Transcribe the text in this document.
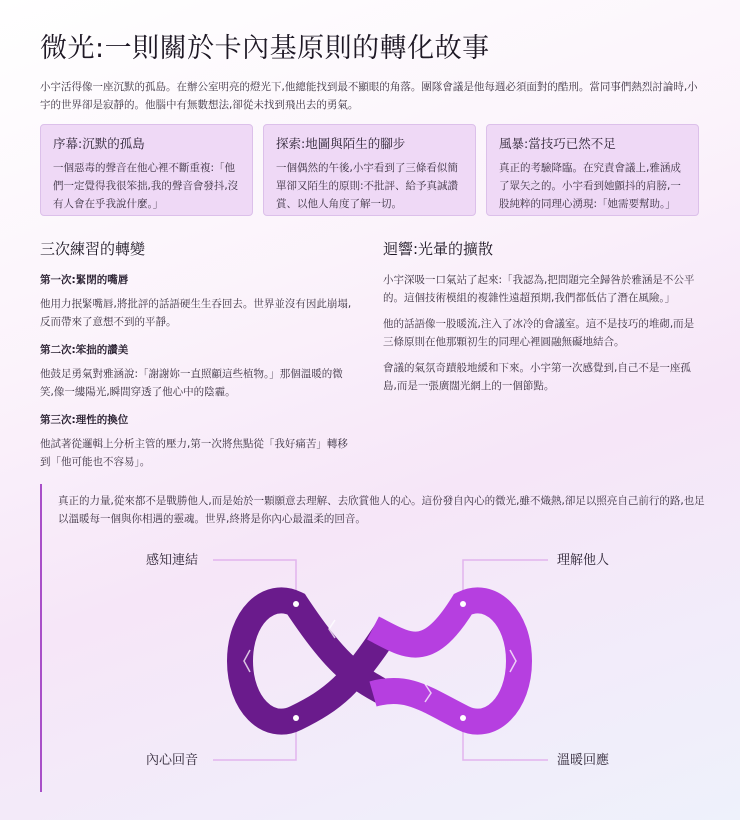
微光:一則關於卡內基原則的轉化故事

小宇活得像一座沉默的孤島。在辦公室明亮的燈光下,他總能找到最不顯眼的角落。團隊會議是他每週必須面對的酷刑。當同事們熱烈討論時,小宇的世界卻是寂靜的。他腦中有無數想法,卻從未找到飛出去的勇氣。

序幕:沉默的孤島

一個惡毒的聲音在他心裡不斷重複:「他們一定覺得我很笨拙,我的聲音會發抖,沒有人會在乎我說什麼。」

探索:地圖與陌生的腳步

一個偶然的午後,小宇看到了三條看似簡單卻又陌生的原則:不批評、給予真誠讚賞、以他人角度了解一切。

風暴:當技巧已然不足

真正的考驗降臨。在究責會議上,雅涵成了眾矢之的。小宇看到她顫抖的肩膀,一股純粹的同理心湧現:「她需要幫助。」

三次練習的轉變
第一次:緊閉的嘴唇

他用力抿緊嘴唇,將批評的話語硬生生吞回去。世界並沒有因此崩塌,反而帶來了意想不到的平靜。

第二次:笨拙的讚美

他鼓足勇氣對雅涵說:「謝謝妳一直照顧這些植物。」那個溫暖的微笑,像一縷陽光,瞬間穿透了他心中的陰霾。

第三次:理性的換位

他試著從邏輯上分析主管的壓力,第一次將焦點從「我好痛苦」轉移到「他可能也不容易」。

迴響:光暈的擴散

小宇深吸一口氣站了起來:「我認為,把問題完全歸咎於雅涵是不公平的。這個技術模組的複雜性遠超預期,我們都低估了潛在風險。」

他的話語像一股暖流,注入了冰冷的會議室。這不是技巧的堆砌,而是三條原則在他那顆初生的同理心裡圓融無礙地結合。

會議的氣氛奇蹟般地緩和下來。小宇第一次感覺到,自己不是一座孤島,而是一張廣闊光網上的一個節點。

真正的力量,從來都不是戰勝他人,而是始於一顆願意去理解、去欣賞他人的心。這份發自內心的微光,雖不熾熱,卻足以照亮自己前行的路,也足以溫暖每一個與你相遇的靈魂。世界,終將是你內心最溫柔的回音。

感知連結	理解他人
內心回音	溫暖回應
